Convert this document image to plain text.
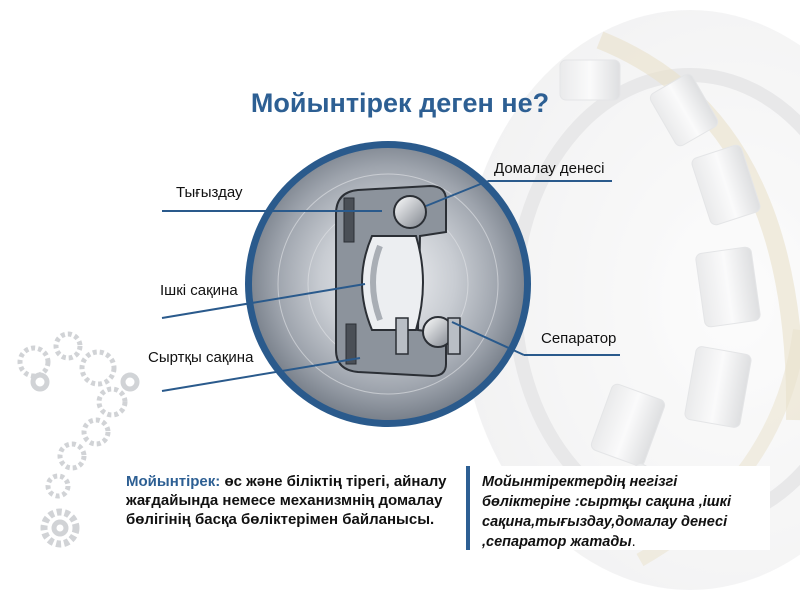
Мойынтірек деген не?
Тығыздау
Ішкі сақина
Сыртқы сақина
Домалау денесі
Сепаратор
Мойынтірек: өс және біліктің тірегі, айналу жағдайында немесе механизмнің домалау бөлігінің басқа бөліктерімен байланысы.
Мойынтіректердің негізгі бөліктеріне :сыртқы сақина ,ішкі сақина,тығыздау,домалау денесі ,сепаратор жатады.
